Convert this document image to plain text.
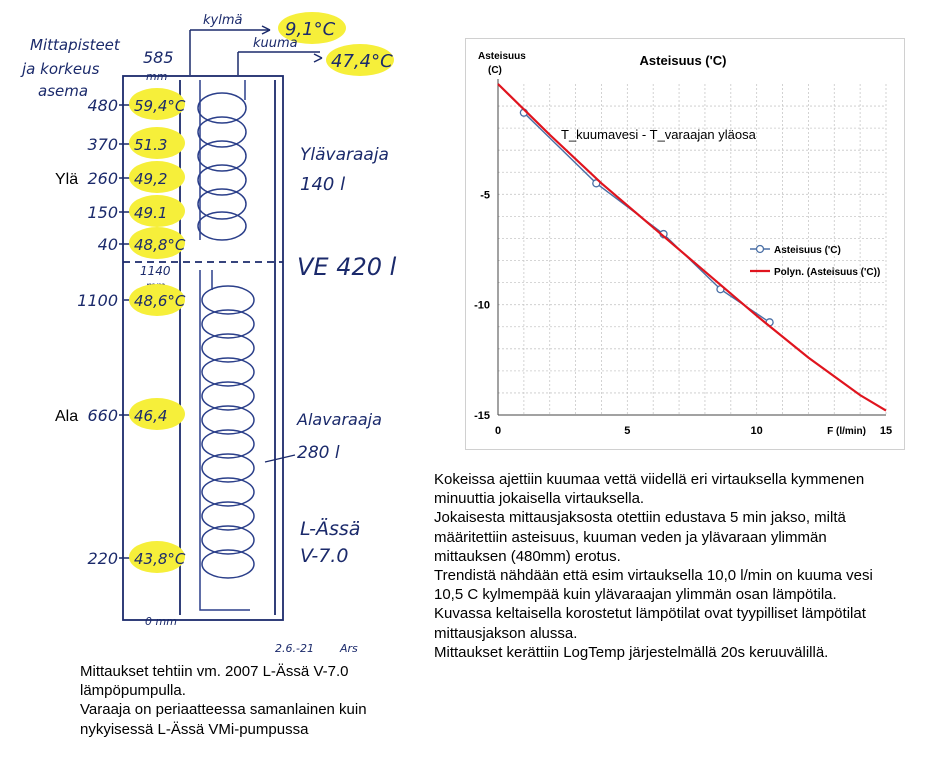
Mittapisteet
ja korkeus
asema
585
mm
kylmä 9,1°C
kuuma
47,4°C
Ylävaraaja
140 l
VE 420 l
Alavaraaja
280 l
L-Ässä
V-7.0
0 mm
2.6.-21 Ars
1140
480 59,4°C
370 51.3
260 49,2
Ylä
150 49.1
40 48,8°C
1100 48,6°C
660 46,4
Ala
220 43,8°C
Asteisuus
(C)
Asteisuus ('C)
0	5	10	15
-5
-10
-15
T_kuumavesi - T_varaajan yläosa
Asteisuus ('C)
Polyn. (Asteisuus ('C))
F (l/min)
Kokeissa ajettiin kuumaa vettä viidellä eri virtauksella kymmenen
minuuttia jokaisella virtauksella.
Jokaisesta mittausjaksosta otettiin edustava 5 min jakso, miltä
määritettiin asteisuus, kuuman veden ja ylävaraan ylimmän
mittauksen (480mm) erotus.
Trendistä nähdään että esim virtauksella 10,0 l/min on kuuma vesi
10,5 C kylmempää kuin ylävaraajan ylimmän osan lämpötila.
Kuvassa keltaisella korostetut lämpötilat ovat tyypilliset lämpötilat
mittausjakson alussa.
Mittaukset kerättiin LogTemp järjestelmällä 20s keruuvälillä.
Mittaukset tehtiin vm. 2007 L-Ässä V-7.0
lämpöpumpulla.
Varaaja on periaatteessa samanlainen kuin
nykyisessä L-Ässä VMi-pumpussa
